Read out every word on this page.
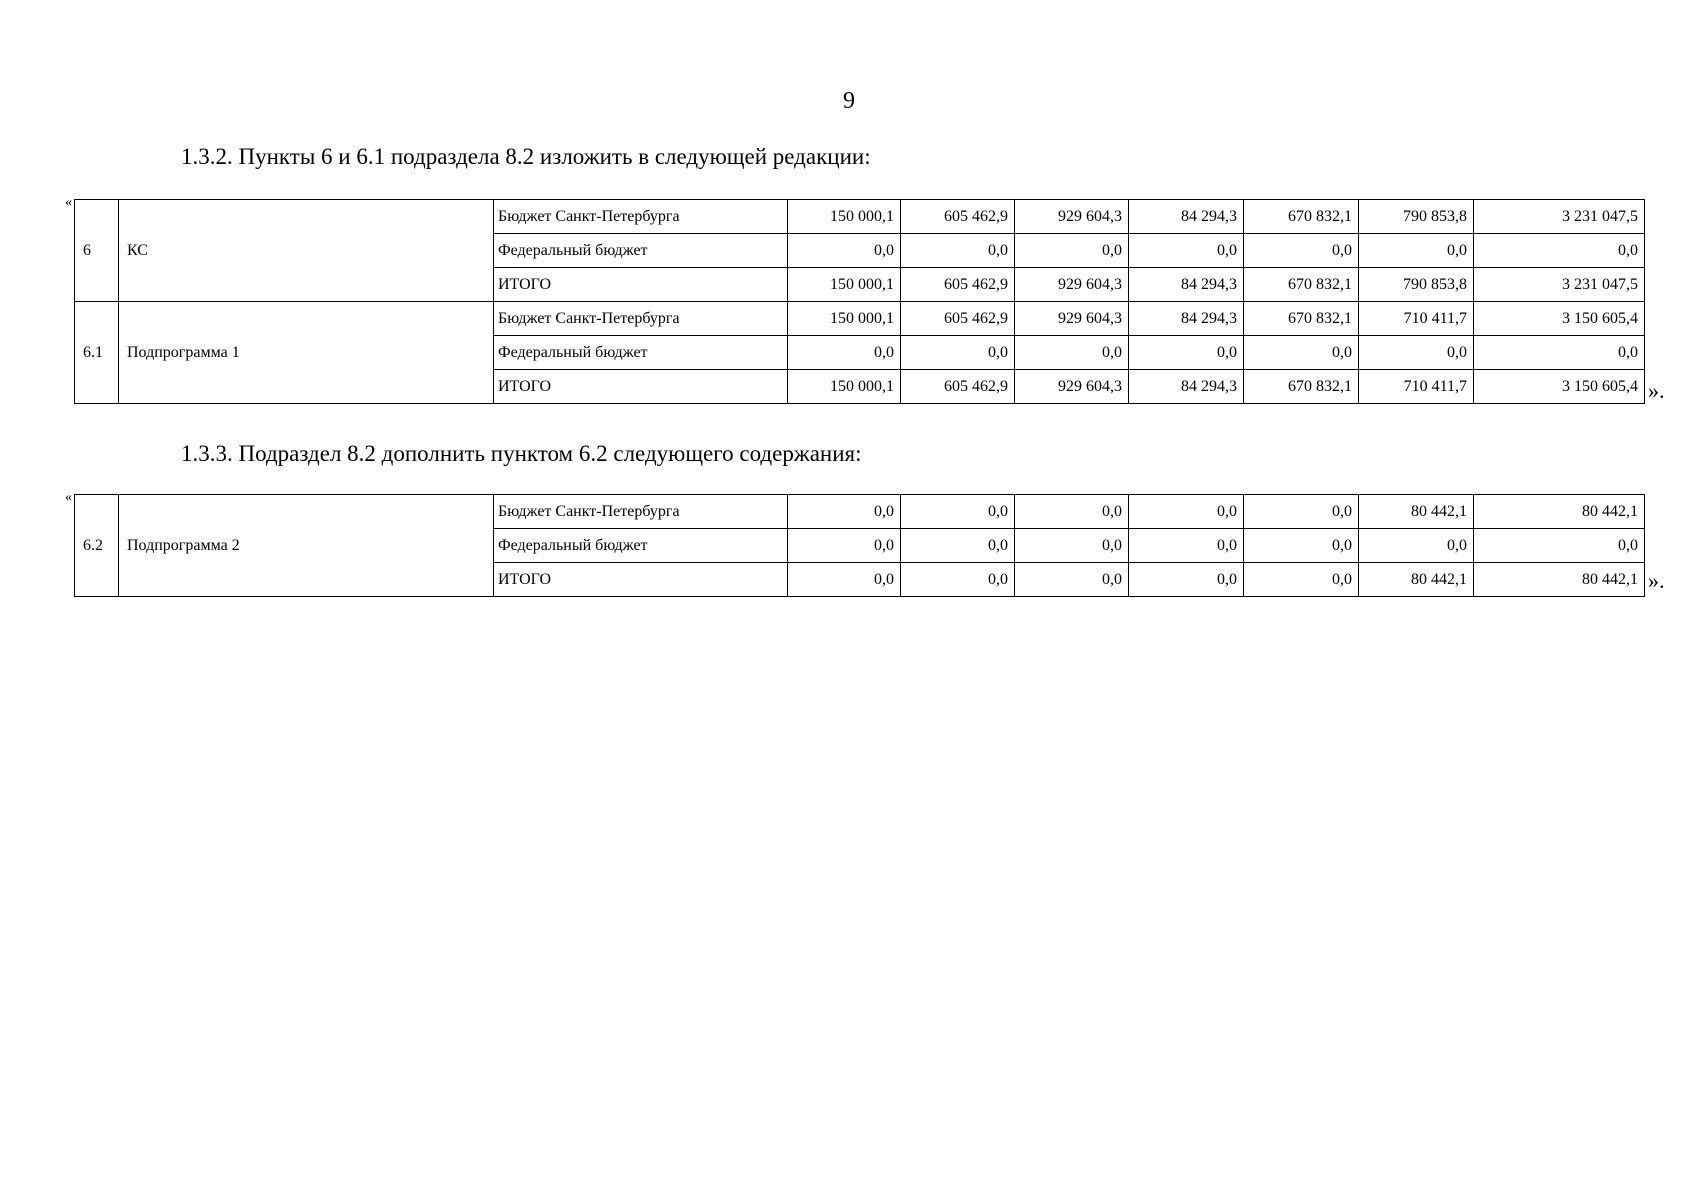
9
1.3.2. Пункты 6 и 6.1 подраздела 8.2 изложить в следующей редакции:
«
6	КС	Бюджет Санкт-Петербурга	150 000,1	605 462,9	929 604,3	84 294,3	670 832,1	790 853,8	3 231 047,5
		Федеральный бюджет	0,0	0,0	0,0	0,0	0,0	0,0	0,0
		ИТОГО	150 000,1	605 462,9	929 604,3	84 294,3	670 832,1	790 853,8	3 231 047,5
6.1	Подпрограмма 1	Бюджет Санкт-Петербурга	150 000,1	605 462,9	929 604,3	84 294,3	670 832,1	710 411,7	3 150 605,4
		Федеральный бюджет	0,0	0,0	0,0	0,0	0,0	0,0	0,0
		ИТОГО	150 000,1	605 462,9	929 604,3	84 294,3	670 832,1	710 411,7	3 150 605,4 ».
1.3.3. Подраздел 8.2 дополнить пунктом 6.2 следующего содержания:
«
6.2	Подпрограмма 2	Бюджет Санкт-Петербурга	0,0	0,0	0,0	0,0	0,0	80 442,1	80 442,1
		Федеральный бюджет	0,0	0,0	0,0	0,0	0,0	0,0	0,0
		ИТОГО	0,0	0,0	0,0	0,0	0,0	80 442,1	80 442,1 ».
